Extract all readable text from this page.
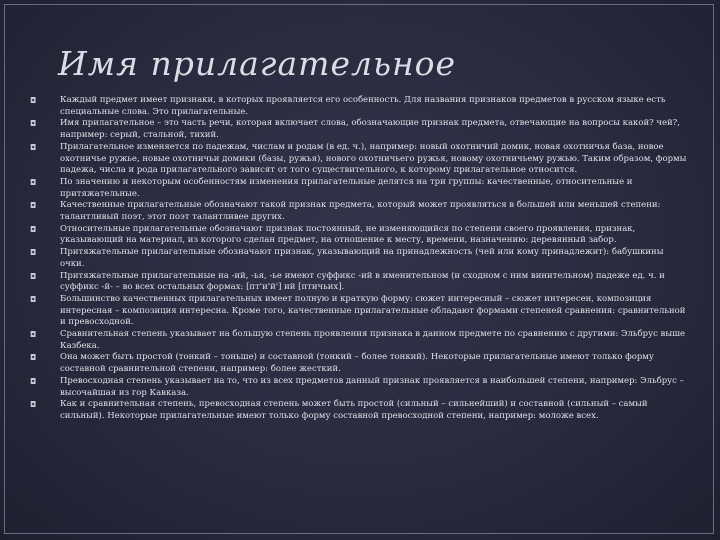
Имя прилагательное
◘	Каждый предмет имеет признаки, в которых проявляется его особенность. Для названия признаков предметов в русском языке есть специальные слова. Это прилагательные.
◘	Имя прилагательное – это часть речи, которая включает слова, обозначающие признак предмета, отвечающие на вопросы какой? чей?, например: серый, стальной, тихий.
◘	Прилагательное изменяется по падежам, числам и родам (в ед. ч.), например: новый охотничий домик, новая охотничья база, новое охотничье ружье, новые охотничьи домики (базы, ружья), нового охотничьего ружья, новому охотничьему ружью. Таким образом, формы падежа, числа и рода прилагательного зависят от того существительного, к которому прилагательное относится.
◘	По значению и некоторым особенностям изменения прилагательные делятся на три группы: качественные, относительные и притяжательные.
◘	Качественные прилагательные обозначают такой признак предмета, который может проявляться в большей или меньшей степени: талантливый поэт, этот поэт талантливее других.
◘	Относительные прилагательные обозначают признак постоянный, не изменяющийся по степени своего проявления, признак, указывающий на материал, из которого сделан предмет, на отношение к месту, времени, назначению: деревянный забор.
◘	Притяжательные прилагательные обозначают признак, указывающий на принадлежность (чей или кому принадлежит): бабушкины очки.
◘	Притяжательные прилагательные на -ий, -ья, -ье имеют суффикс -ий в именительном (и сходном с ним винительном) падеже ед. ч. и суффикс -й- – во всех остальных формах: [пт'и'й'] ий [птичьих].
◘	Большинство качественных прилагательных имеет полную и краткую форму: сюжет интересный – сюжет интересен, композиция интересная – композиция интересна. Кроме того, качественные прилагательные обладают формами степеней сравнения: сравнительной и превосходной.
◘	Сравнительная степень указывает на большую степень проявления признака в данном предмете по сравнению с другими: Эльбрус выше Казбека.
◘	Она может быть простой (тонкий – тоньше) и составной (тонкий – более тонкий). Некоторые прилагательные имеют только форму составной сравнительной степени, например: более жесткий.
◘	Превосходная степень указывает на то, что из всех предметов данный признак проявляется в наибольшей степени, например: Эльбрус – высочайшая из гор Кавказа.
◘	Как и сравнительная степень, превосходная степень может быть простой (сильный – сильнейший) и составной (сильный – самый сильный). Некоторые прилагательные имеют только форму составной превосходной степени, например: моложе всех.
